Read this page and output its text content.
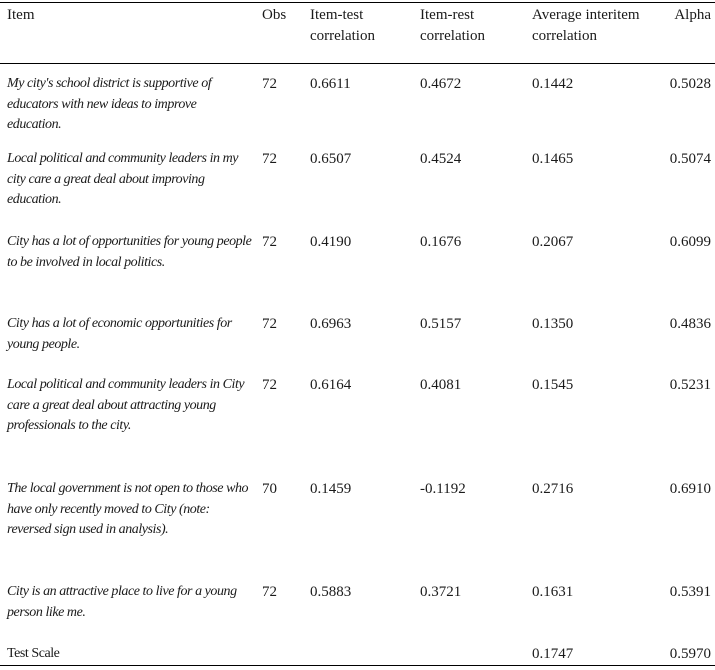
Item	Obs	Item-test correlation	Item-rest correlation	Average interitem correlation	Alpha
My city's school district is supportive of educators with new ideas to improve education.	72	0.6611	0.4672	0.1442	0.5028
Local political and community leaders in my city care a great deal about improving education.	72	0.6507	0.4524	0.1465	0.5074
City has a lot of opportunities for young people to be involved in local politics.	72	0.4190	0.1676	0.2067	0.6099
City has a lot of economic opportunities for young people.	72	0.6963	0.5157	0.1350	0.4836
Local political and community leaders in City care a great deal about attracting young professionals to the city.	72	0.6164	0.4081	0.1545	0.5231
The local government is not open to those who have only recently moved to City (note: reversed sign used in analysis).	70	0.1459	-0.1192	0.2716	0.6910
City is an attractive place to live for a young person like me.	72	0.5883	0.3721	0.1631	0.5391
Test Scale				0.1747	0.5970
